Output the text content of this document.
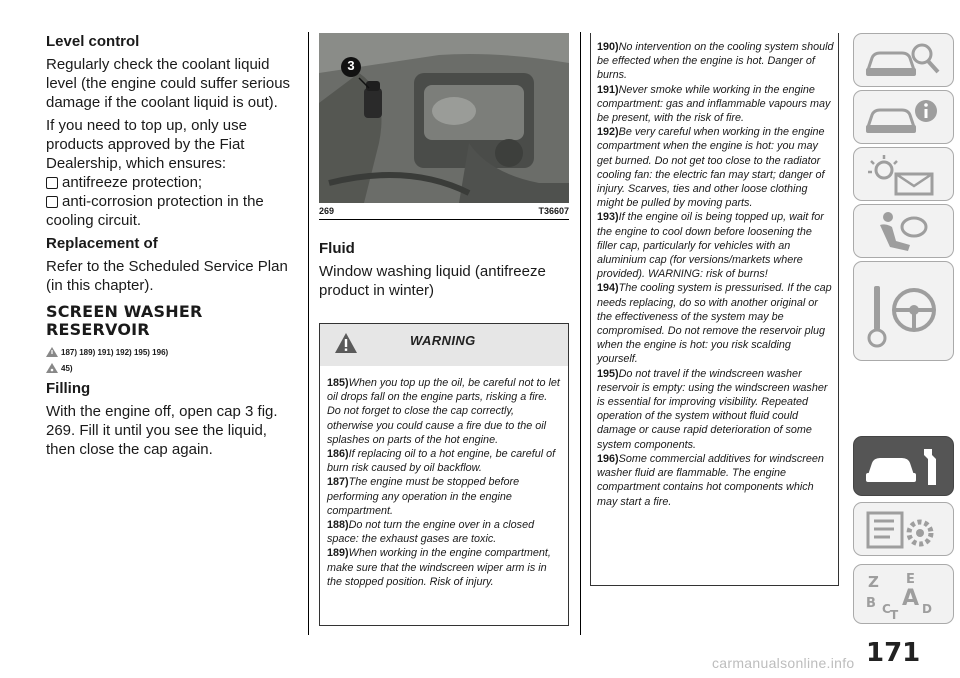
Level control
Regularly check the coolant liquid level (the engine could suffer serious damage if the coolant liquid is out).
If you need to top up, only use products approved by the Fiat Dealership, which ensures:
antifreeze protection;
anti-corrosion protection in the
cooling circuit.
Replacement of
Refer to the Scheduled Service Plan (in this chapter).
SCREEN WASHER
RESERVOIR
187) 189) 191) 192) 195) 196)
45)
Filling
With the engine off, open cap 3 fig. 269. Fill it until you see the liquid, then close the cap again.
3
269	T36607
Fluid
Window washing liquid (antifreeze product in winter)
WARNING
185)When you top up the oil, be careful not to let oil drops fall on the engine parts, risking a fire. Do not forget to close the cap correctly, otherwise you could cause a fire due to the oil splashes on parts of the hot engine.
186)If replacing oil to a hot engine, be careful of burn risk caused by oil backflow.
187)The engine must be stopped before performing any operation in the engine compartment.
188)Do not turn the engine over in a closed space: the exhaust gases are toxic.
189)When working in the engine compartment, make sure that the windscreen wiper arm is in the stopped position. Risk of injury.
190)No intervention on the cooling system should be effected when the engine is hot. Danger of burns.
191)Never smoke while working in the engine compartment: gas and inflammable vapours may be present, with the risk of fire.
192)Be very careful when working in the engine compartment when the engine is hot: you may get burned. Do not get too close to the radiator cooling fan: the electric fan may start; danger of injury. Scarves, ties and other loose clothing might be pulled by moving parts.
193)If the engine oil is being topped up, wait for the engine to cool down before loosening the filler cap, particularly for vehicles with an aluminium cap (for versions/markets where provided). WARNING: risk of burns!
194)The cooling system is pressurised. If the cap needs replacing, do so with another original or the effectiveness of the system may be compromised. Do not remove the reservoir plug when the engine is hot: you risk scalding yourself.
195)Do not travel if the windscreen washer reservoir is empty: using the windscreen washer is essential for improving visibility. Repeated operation of the system without fluid could damage or cause rapid deterioration of some system components.
196)Some commercial additives for windscreen washer fluid are flammable. The engine compartment contains hot components which may start a fire.
Z E
B A
C T D
171
carmanualsonline.info
